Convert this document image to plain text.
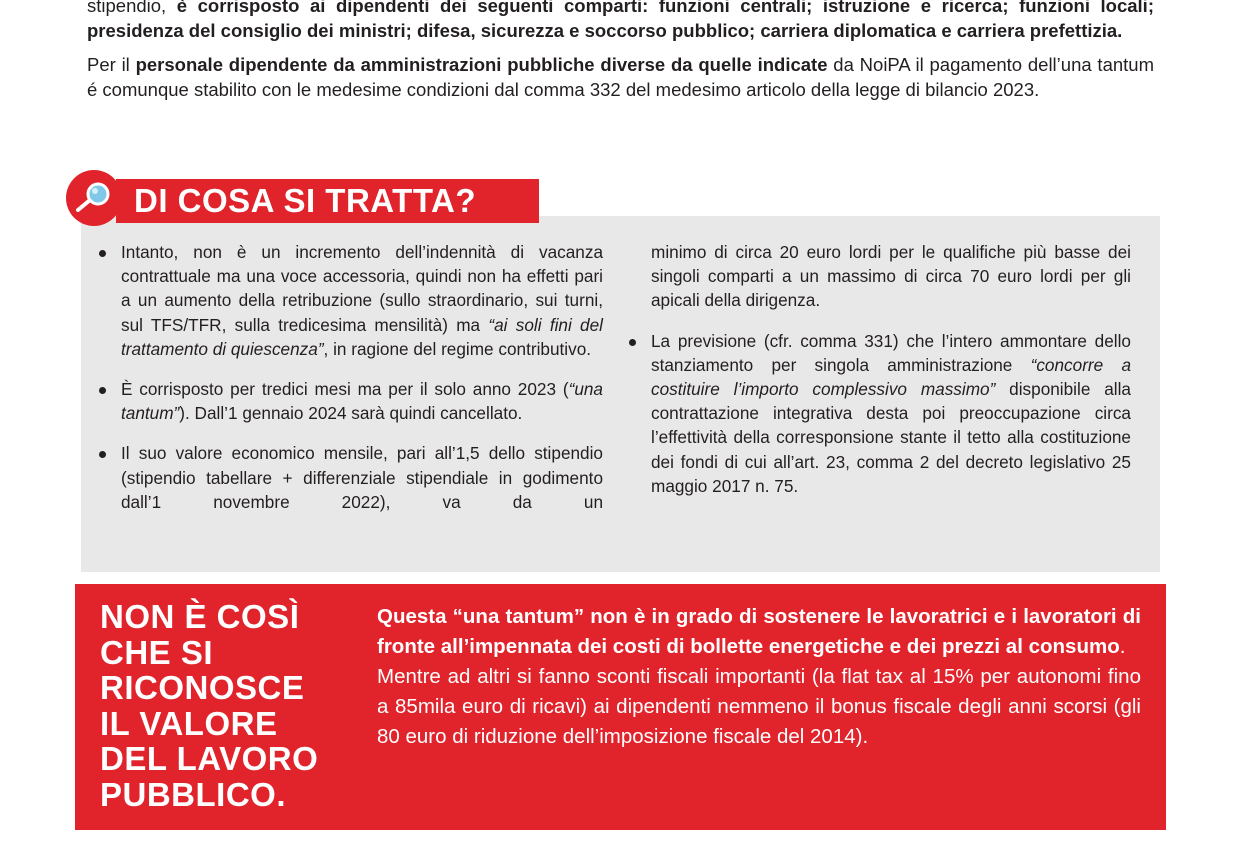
stipendio, è corrisposto ai dipendenti dei seguenti comparti: funzioni centrali; istruzione e ricerca; funzioni locali; presidenza del consiglio dei ministri; difesa, sicurezza e soccorso pubblico; carriera diplomatica e carriera prefettizia.

Per il personale dipendente da amministrazioni pubbliche diverse da quelle indicate da NoiPA il pagamento dell’una tantum é comunque stabilito con le medesime condizioni dal comma 332 del medesimo articolo della legge di bilancio 2023.

Intanto, non è un incremento dell’indennità di vacanza contrattuale ma una voce accessoria, quindi non ha effetti pari a un aumento della retribuzione (sullo straordinario, sui turni, sul TFS/TFR, sulla tredicesima mensilità) ma “ai soli fini del trattamento di quiescenza”, in ragione del regime contributivo.
È corrisposto per tredici mesi ma per il solo anno 2023 (“una tantum”). Dall’1 gennaio 2024 sarà quindi cancellato.
Il suo valore economico mensile, pari all’1,5 dello stipendio (stipendio tabellare + differenziale stipendiale in godimento dall’1 novembre 2022), va da un
minimo di circa 20 euro lordi per le qualifiche più basse dei singoli comparti a un massimo di circa 70 euro lordi per gli apicali della dirigenza.
La previsione (cfr. comma 331) che l’intero ammontare dello stanziamento per singola amministrazione “concorre a costituire l’importo complessivo massimo” disponibile alla contrattazione integrativa desta poi preoccupazione circa l’effettività della corresponsione stante il tetto alla costituzione dei fondi di cui all’art. 23, comma 2 del decreto legislativo 25 maggio 2017 n. 75.
DI COSA SI TRATTA?
NON È COSÌ
CHE SI
RICONOSCE
IL VALORE
DEL LAVORO
PUBBLICO.
Questa “una tantum” non è in grado di sostenere le lavoratrici e i lavoratori di fronte all’impennata dei costi di bollette energetiche e dei prezzi al consumo.
Mentre ad altri si fanno sconti fiscali importanti (la flat tax al 15% per autonomi fino a 85mila euro di ricavi) ai dipendenti nemmeno il bonus fiscale degli anni scorsi (gli 80 euro di riduzione dell’imposizione fiscale del 2014).
